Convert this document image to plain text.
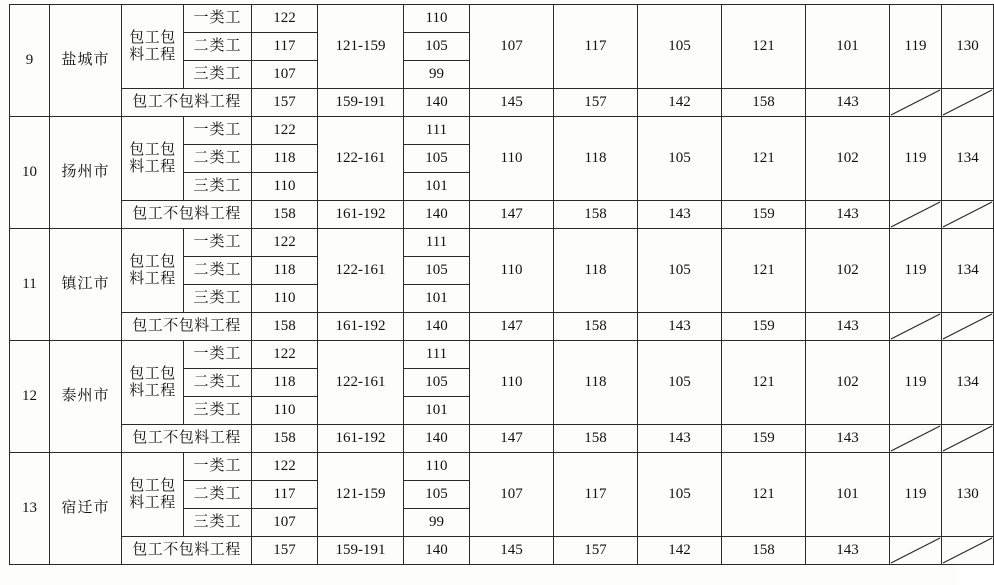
9	盐城市	包工包料工程	一类工	122	121-159	110	107	117	105	121	101	119	130
			二类工	117		105							
			三类工	107		99							
		包工不包料工程		157	159-191	140	145	157	142	158	143	

10	扬州市	包工包料工程	一类工	122	122-161	111	110	118	105	121	102	119	134
			二类工	118		105							
			三类工	110		101							
		包工不包料工程		158	161-192	140	147	158	143	159	143	

11	镇江市	包工包料工程	一类工	122	122-161	111	110	118	105	121	102	119	134
			二类工	118		105							
			三类工	110		101							
		包工不包料工程		158	161-192	140	147	158	143	159	143	

12	泰州市	包工包料工程	一类工	122	122-161	111	110	118	105	121	102	119	134
			二类工	118		105							
			三类工	110		101							
		包工不包料工程		158	161-192	140	147	158	143	159	143	

13	宿迁市	包工包料工程	一类工	122	121-159	110	107	117	105	121	101	119	130
			二类工	117		105							
			三类工	107		99							
		包工不包料工程		157	159-191	140	145	157	142	158	143	
